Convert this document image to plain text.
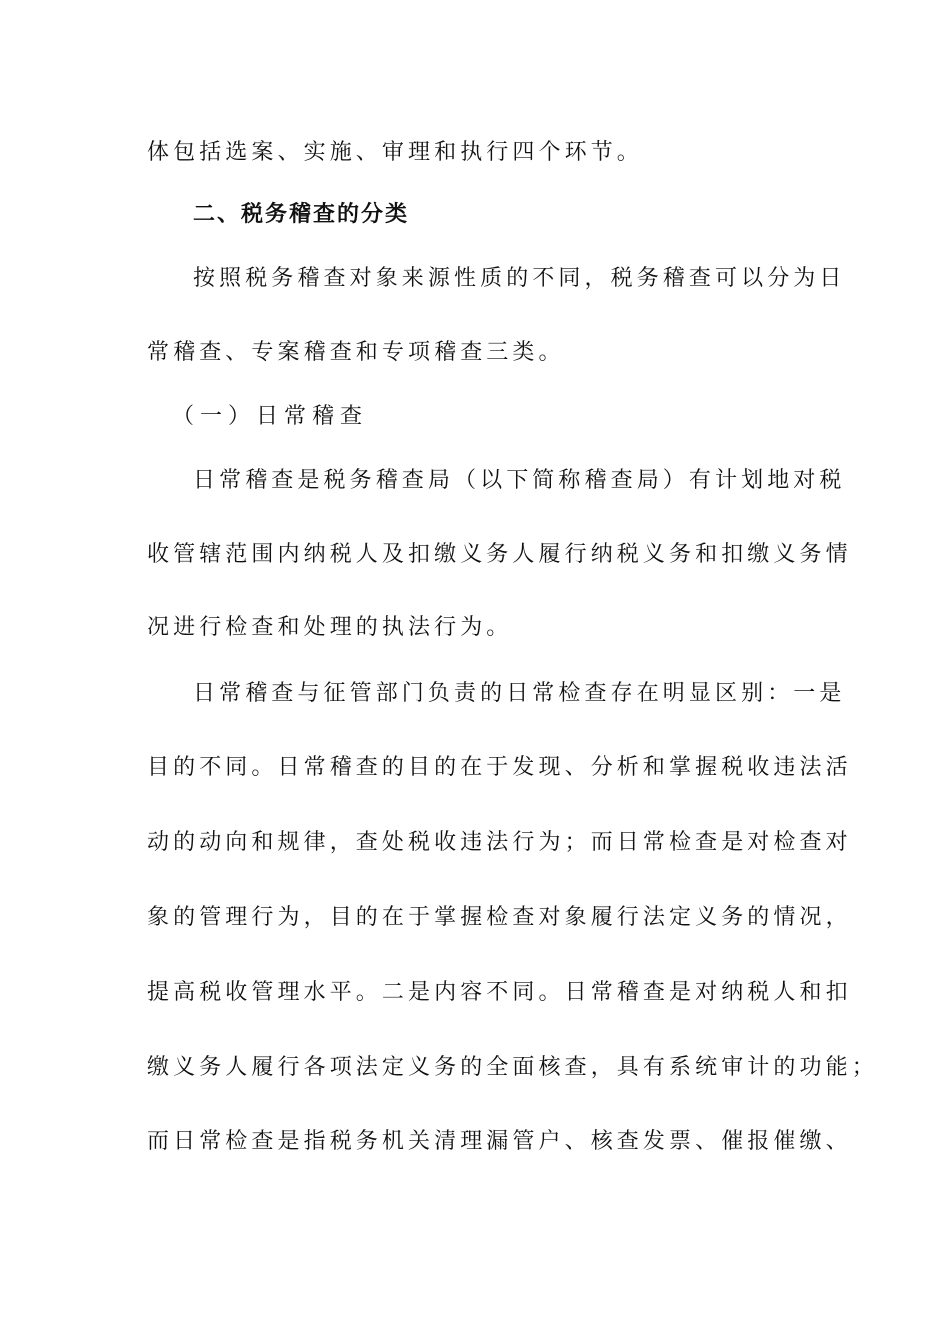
体包括选案、实施、审理和执行四个环节。
二、税务稽查的分类
按照税务稽查对象来源性质的不同，税务稽查可以分为日
常稽查、专案稽查和专项稽查三类。
（一）日常稽查
日常稽查是税务稽查局（以下简称稽查局）有计划地对税
收管辖范围内纳税人及扣缴义务人履行纳税义务和扣缴义务情
况进行检查和处理的执法行为。
日常稽查与征管部门负责的日常检查存在明显区别：一是
目的不同。日常稽查的目的在于发现、分析和掌握税收违法活
动的动向和规律，查处税收违法行为；而日常检查是对检查对
象的管理行为，目的在于掌握检查对象履行法定义务的情况，
提高税收管理水平。二是内容不同。日常稽查是对纳税人和扣
缴义务人履行各项法定义务的全面核查，具有系统审计的功能；
而日常检查是指税务机关清理漏管户、核查发票、催报催缴、
